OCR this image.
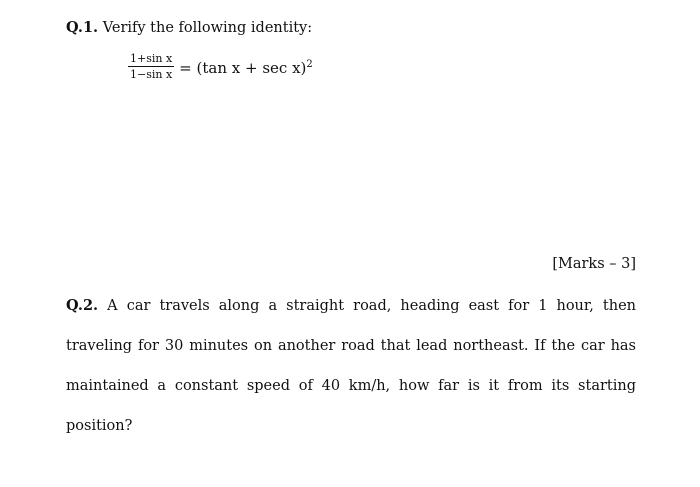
Q.1. Verify the following identity:
$\frac{\text{1+sin x}}{\text{1−sin x}} = (\tan$ x + sec x)$^2$
[Marks – 3]
Q.2. A car travels along a straight road, heading east for 1 hour, then traveling for 30 minutes on another road that lead northeast. If the car has maintained a constant speed of 40 km/h, how far is it from its starting position?
